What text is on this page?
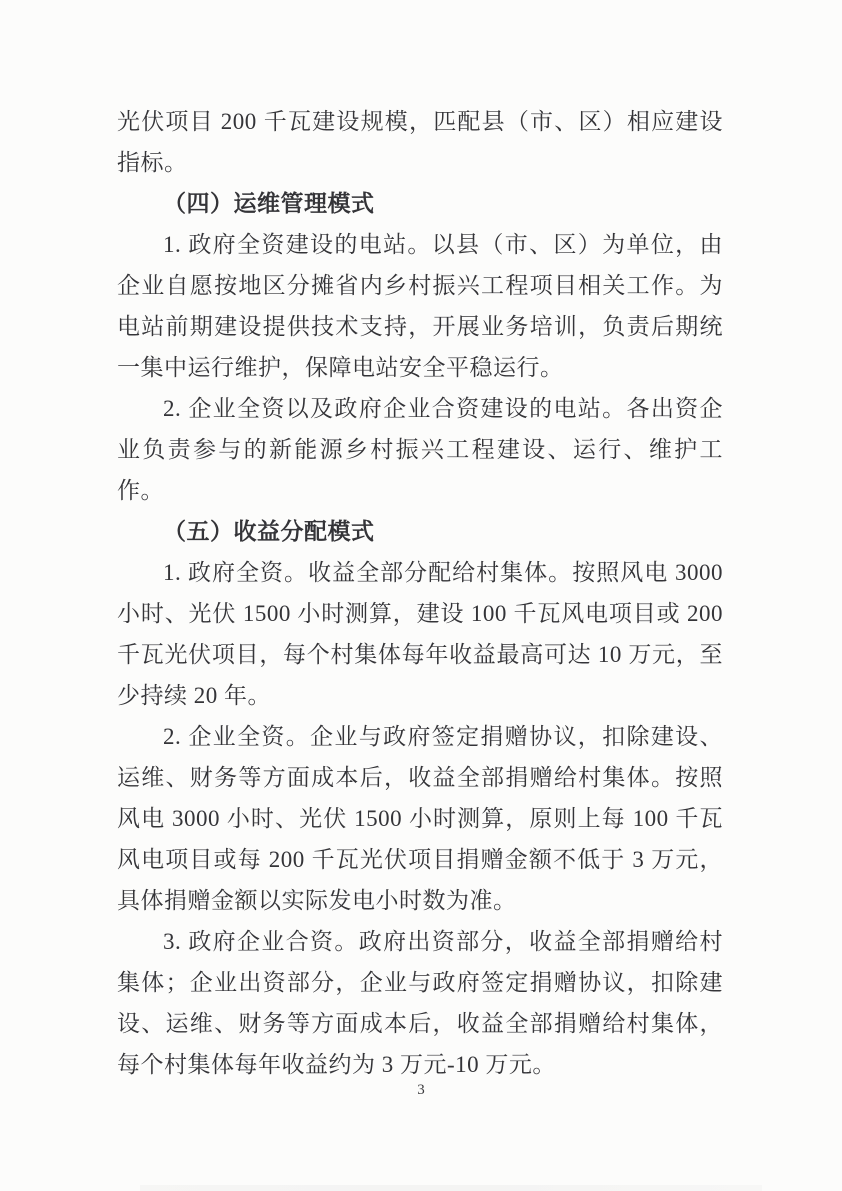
光伏项目 200 千瓦建设规模，匹配县（市、区）相应建设指标。

（四）运维管理模式

1. 政府全资建设的电站。以县（市、区）为单位，由企业自愿按地区分摊省内乡村振兴工程项目相关工作。为电站前期建设提供技术支持，开展业务培训，负责后期统一集中运行维护，保障电站安全平稳运行。

2. 企业全资以及政府企业合资建设的电站。各出资企业负责参与的新能源乡村振兴工程建设、运行、维护工作。

（五）收益分配模式

1. 政府全资。收益全部分配给村集体。按照风电 3000 小时、光伏 1500 小时测算，建设 100 千瓦风电项目或 200 千瓦光伏项目，每个村集体每年收益最高可达 10 万元，至少持续 20 年。

2. 企业全资。企业与政府签定捐赠协议，扣除建设、运维、财务等方面成本后，收益全部捐赠给村集体。按照风电 3000 小时、光伏 1500 小时测算，原则上每 100 千瓦风电项目或每 200 千瓦光伏项目捐赠金额不低于 3 万元，具体捐赠金额以实际发电小时数为准。

3. 政府企业合资。政府出资部分，收益全部捐赠给村集体；企业出资部分，企业与政府签定捐赠协议，扣除建设、运维、财务等方面成本后，收益全部捐赠给村集体，每个村集体每年收益约为 3 万元-10 万元。

3
